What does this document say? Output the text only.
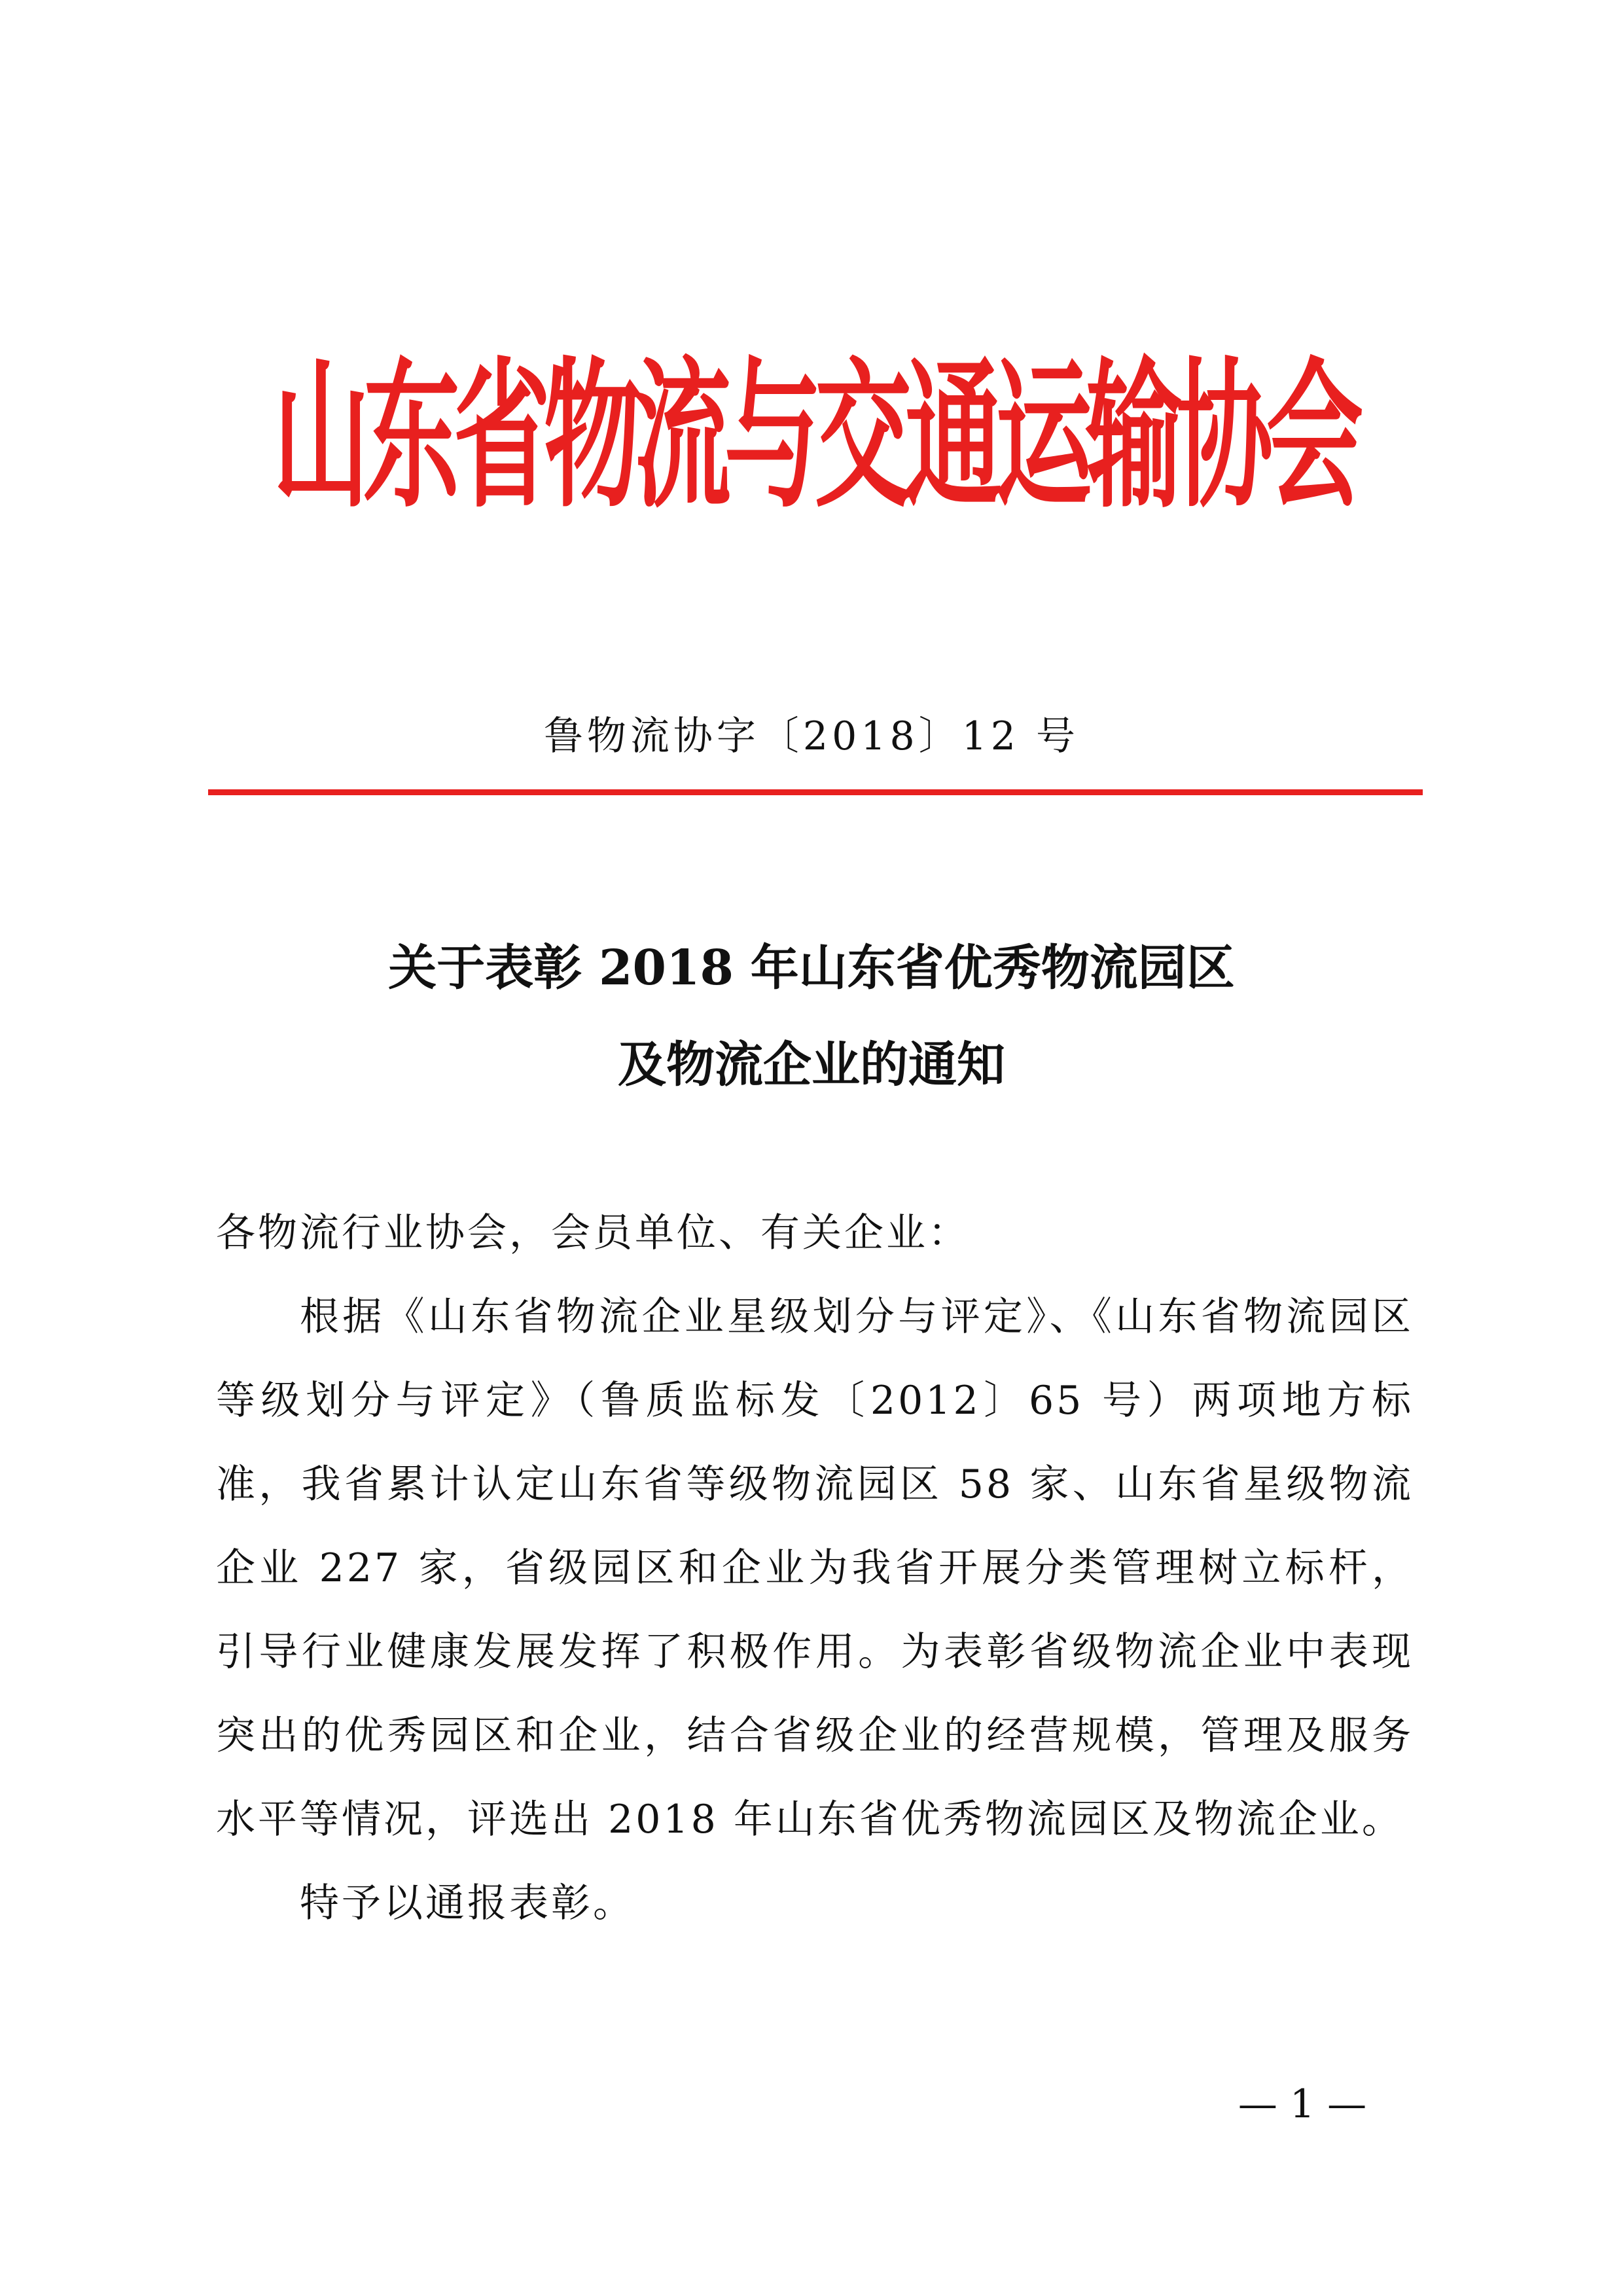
山东省物流与交通运输协会
鲁物流协字〔2018〕12 号
关于表彰 2018 年山东省优秀物流园区
及物流企业的通知
各物流行业协会，会员单位、有关企业：
根据《山东省物流企业星级划分与评定》、《山东省物流园区等级划分与评定》（鲁质监标发〔2012〕65 号）两项地方标准，我省累计认定山东省等级物流园区 58 家、山东省星级物流企业 227 家，省级园区和企业为我省开展分类管理树立标杆，引导行业健康发展发挥了积极作用。为表彰省级物流企业中表现突出的优秀园区和企业，结合省级企业的经营规模，管理及服务水平等情况，评选出 2018 年山东省优秀物流园区及物流企业。
特予以通报表彰。
— 1 —
